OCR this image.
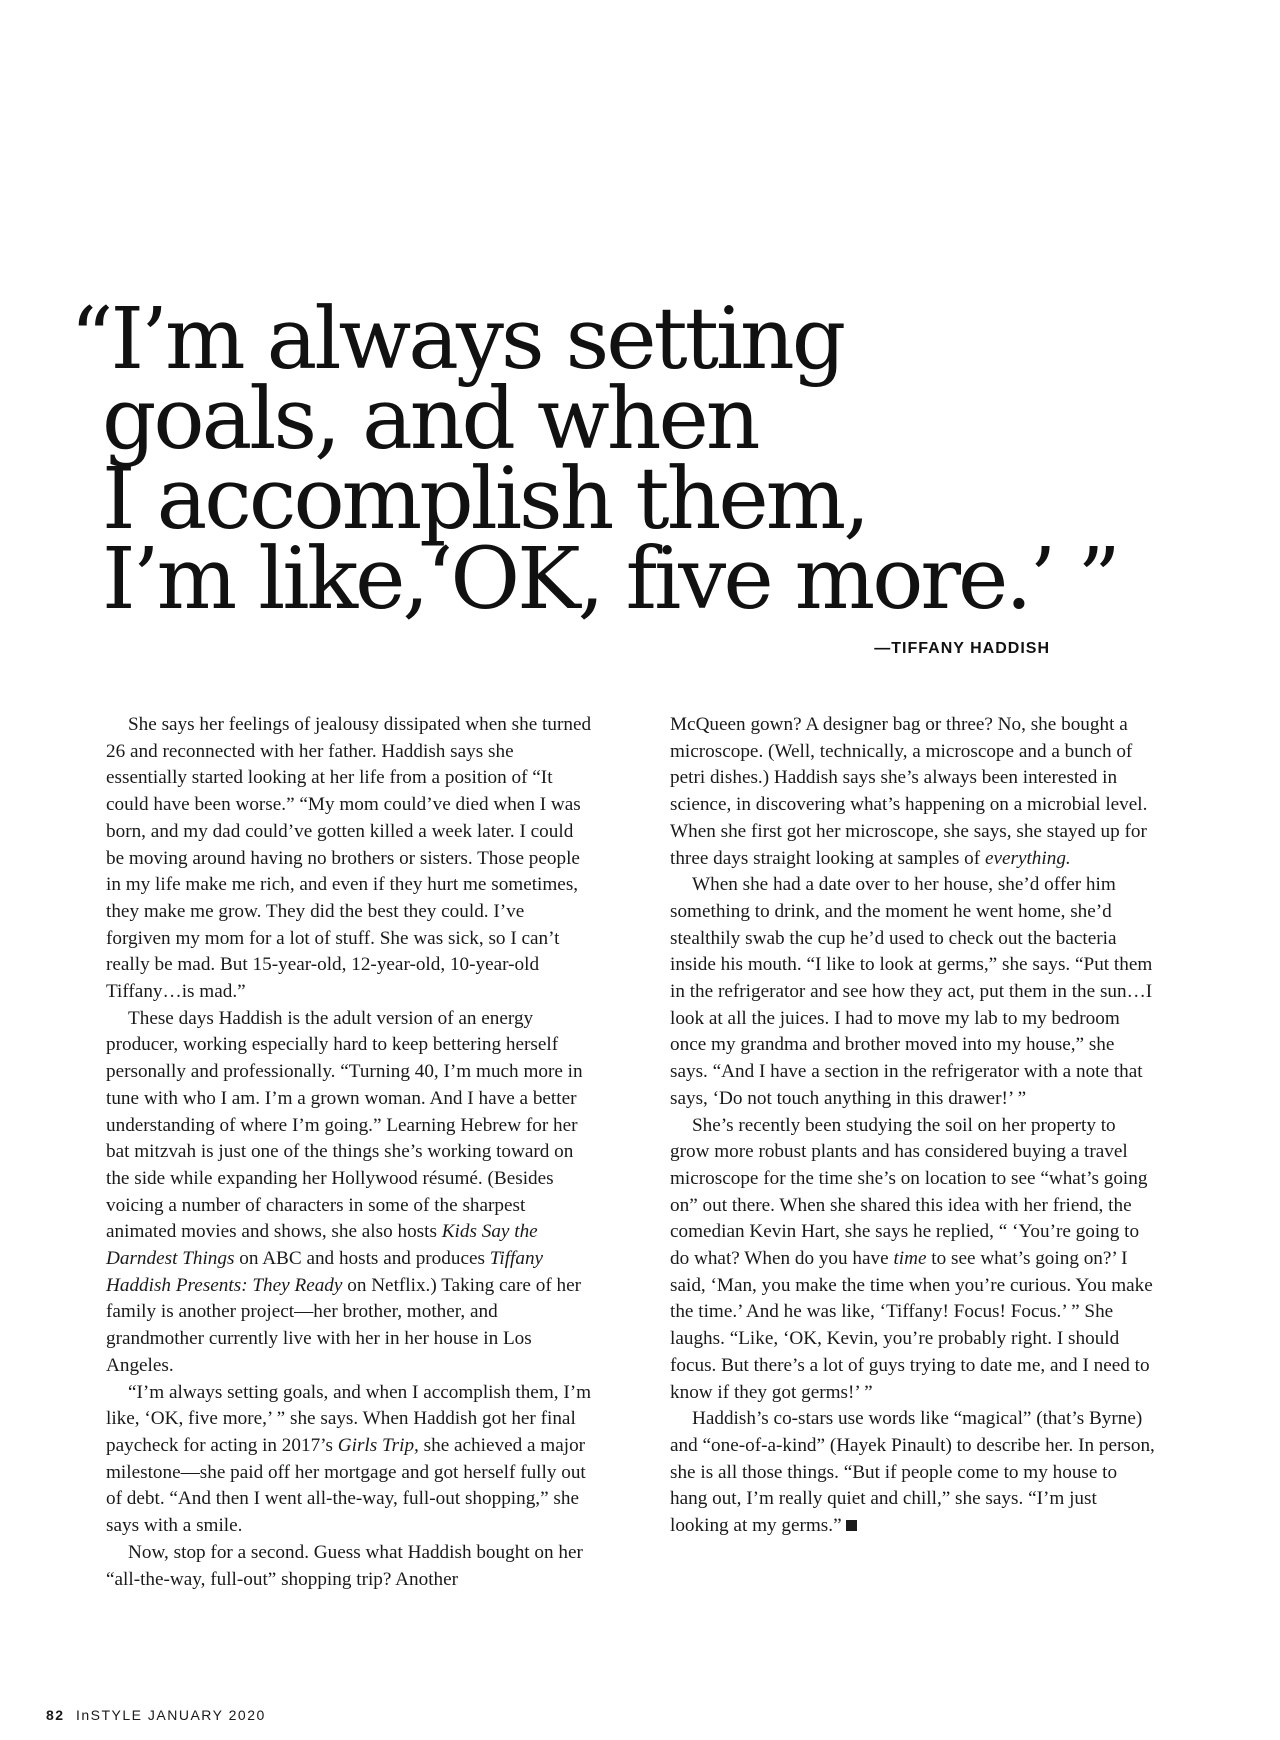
“I’m always setting
goals, and when
I accomplish them,
I’m like,‘OK, five more.’ ”
—TIFFANY HADDISH

She says her feelings of jealousy dissipated when she turned 26 and reconnected with her father. Haddish says she essentially started looking at her life from a position of “It could have been worse.” “My mom could’ve died when I was born, and my dad could’ve gotten killed a week later. I could be moving around having no brothers or sisters. Those people in my life make me rich, and even if they hurt me sometimes, they make me grow. They did the best they could. I’ve forgiven my mom for a lot of stuff. She was sick, so I can’t really be mad. But 15-year-old, 12-year-old, 10-year-old Tiffany…is mad.”

These days Haddish is the adult version of an energy producer, working especially hard to keep bettering herself personally and professionally. “Turning 40, I’m much more in tune with who I am. I’m a grown woman. And I have a better understanding of where I’m going.” Learning Hebrew for her bat mitzvah is just one of the things she’s working toward on the side while expanding her Hollywood résumé. (Besides voicing a number of characters in some of the sharpest animated movies and shows, she also hosts Kids Say the Darndest Things on ABC and hosts and produces Tiffany Haddish Presents: They Ready on Netflix.) Taking care of her family is another project—her brother, mother, and grandmother currently live with her in her house in Los Angeles.

“I’m always setting goals, and when I accomplish them, I’m like, ‘OK, five more,’ ” she says. When Haddish got her final paycheck for acting in 2017’s Girls Trip, she achieved a major milestone—she paid off her mortgage and got herself fully out of debt. “And then I went all-the-way, full-out shopping,” she says with a smile.

Now, stop for a second. Guess what Haddish bought on her “all-the-way, full-out” shopping trip? Another

McQueen gown? A designer bag or three? No, she bought a microscope. (Well, technically, a microscope and a bunch of petri dishes.) Haddish says she’s always been interested in science, in discovering what’s happening on a microbial level. When she first got her microscope, she says, she stayed up for three days straight looking at samples of everything.

When she had a date over to her house, she’d offer him something to drink, and the moment he went home, she’d stealthily swab the cup he’d used to check out the bacteria inside his mouth. “I like to look at germs,” she says. “Put them in the refrigerator and see how they act, put them in the sun…I look at all the juices. I had to move my lab to my bedroom once my grandma and brother moved into my house,” she says. “And I have a section in the refrigerator with a note that says, ‘Do not touch anything in this drawer!’ ”

She’s recently been studying the soil on her property to grow more robust plants and has considered buying a travel microscope for the time she’s on location to see “what’s going on” out there. When she shared this idea with her friend, the comedian Kevin Hart, she says he replied, “ ‘You’re going to do what? When do you have time to see what’s going on?’ I said, ‘Man, you make the time when you’re curious. You make the time.’ And he was like, ‘Tiffany! Focus! Focus.’ ” She laughs. “Like, ‘OK, Kevin, you’re probably right. I should focus. But there’s a lot of guys trying to date me, and I need to know if they got germs!’ ”

Haddish’s co-stars use words like “magical” (that’s Byrne) and “one-of-a-kind” (Hayek Pinault) to describe her. In person, she is all those things. “But if people come to my house to hang out, I’m really quiet and chill,” she says. “I’m just looking at my germs.”

82 InSTYLE JANUARY 2020
